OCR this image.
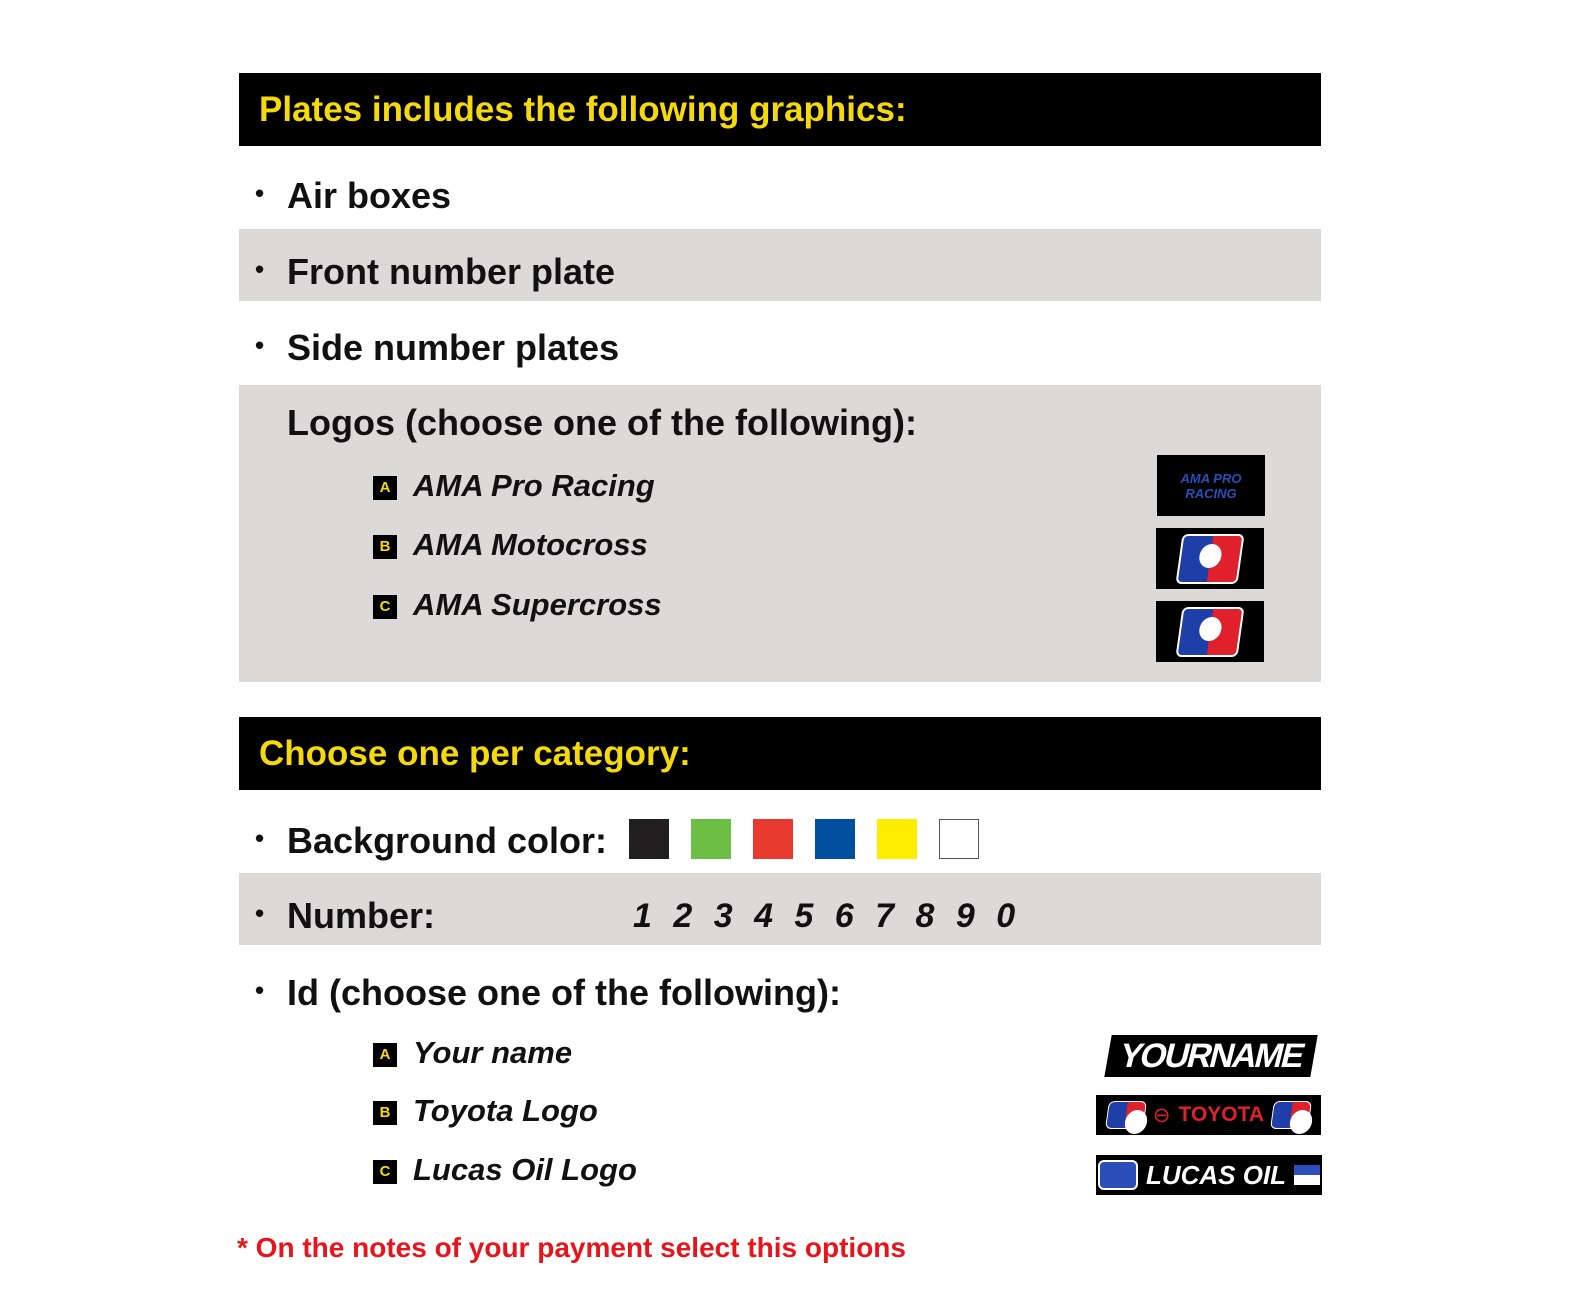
Plates includes the following graphics:
• Air boxes
• Front number plate
• Side number plates
Logos (choose one of the following):
A AMA Pro Racing
B AMA Motocross
C AMA Supercross
AMA PRO RACING
Choose one per category:
• Background color:
• Number:	1 2 3 4 5 6 7 8 9 0
• Id (choose one of the following):
A Your name
B Toyota Logo
C Lucas Oil Logo
YOURNAME
⊖ TOYOTA
LUCAS OIL
* On the notes of your payment select this options
